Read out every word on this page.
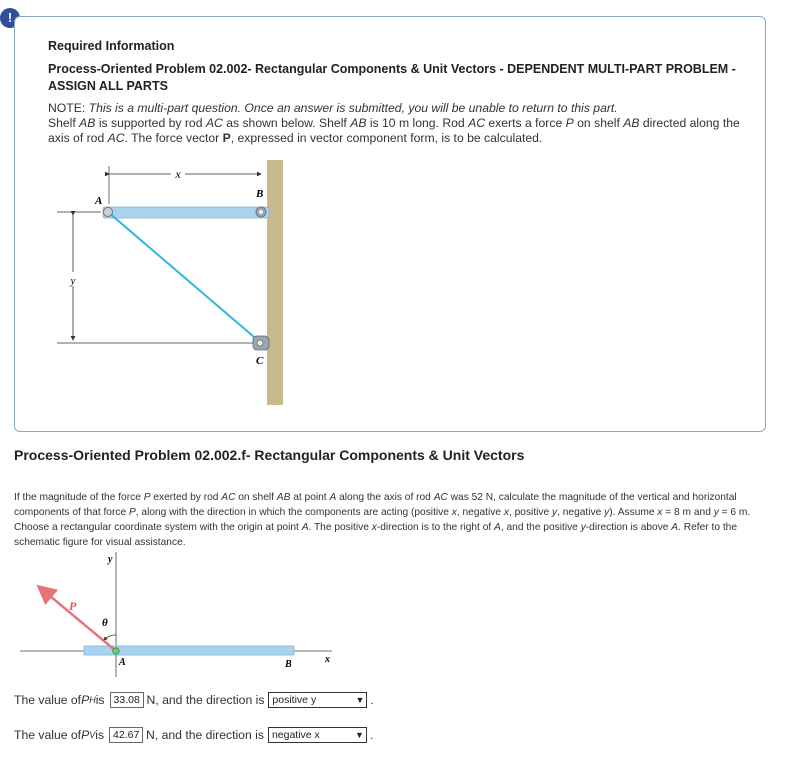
!
Required Information
Process-Oriented Problem 02.002- Rectangular Components & Unit Vectors - DEPENDENT MULTI-PART PROBLEM - ASSIGN ALL PARTS
NOTE: This is a multi-part question. Once an answer is submitted, you will be unable to return to this part.
Shelf AB is supported by rod AC as shown below. Shelf AB is 10 m long. Rod AC exerts a force P on shelf AB directed along the axis of rod AC. The force vector P, expressed in vector component form, is to be calculated.
x
y
A
B
C
Process-Oriented Problem 02.002.f- Rectangular Components & Unit Vectors
If the magnitude of the force P exerted by rod AC on shelf AB at point A along the axis of rod AC was 52 N, calculate the magnitude of the vertical and horizontal components of that force P, along with the direction in which the components are acting (positive x, negative x, positive y, negative y). Assume x = 8 m and y = 6 m. Choose a rectangular coordinate system with the origin at point A. The positive x-direction is to the right of A, and the positive y-direction is above A. Refer to the schematic figure for visual assistance.
θ
P
A	B	x
y
The value of P H is 33.08 N, and the direction is positive y	▼ .
The value of P V is 42.67 N, and the direction is negative x	▼ .
